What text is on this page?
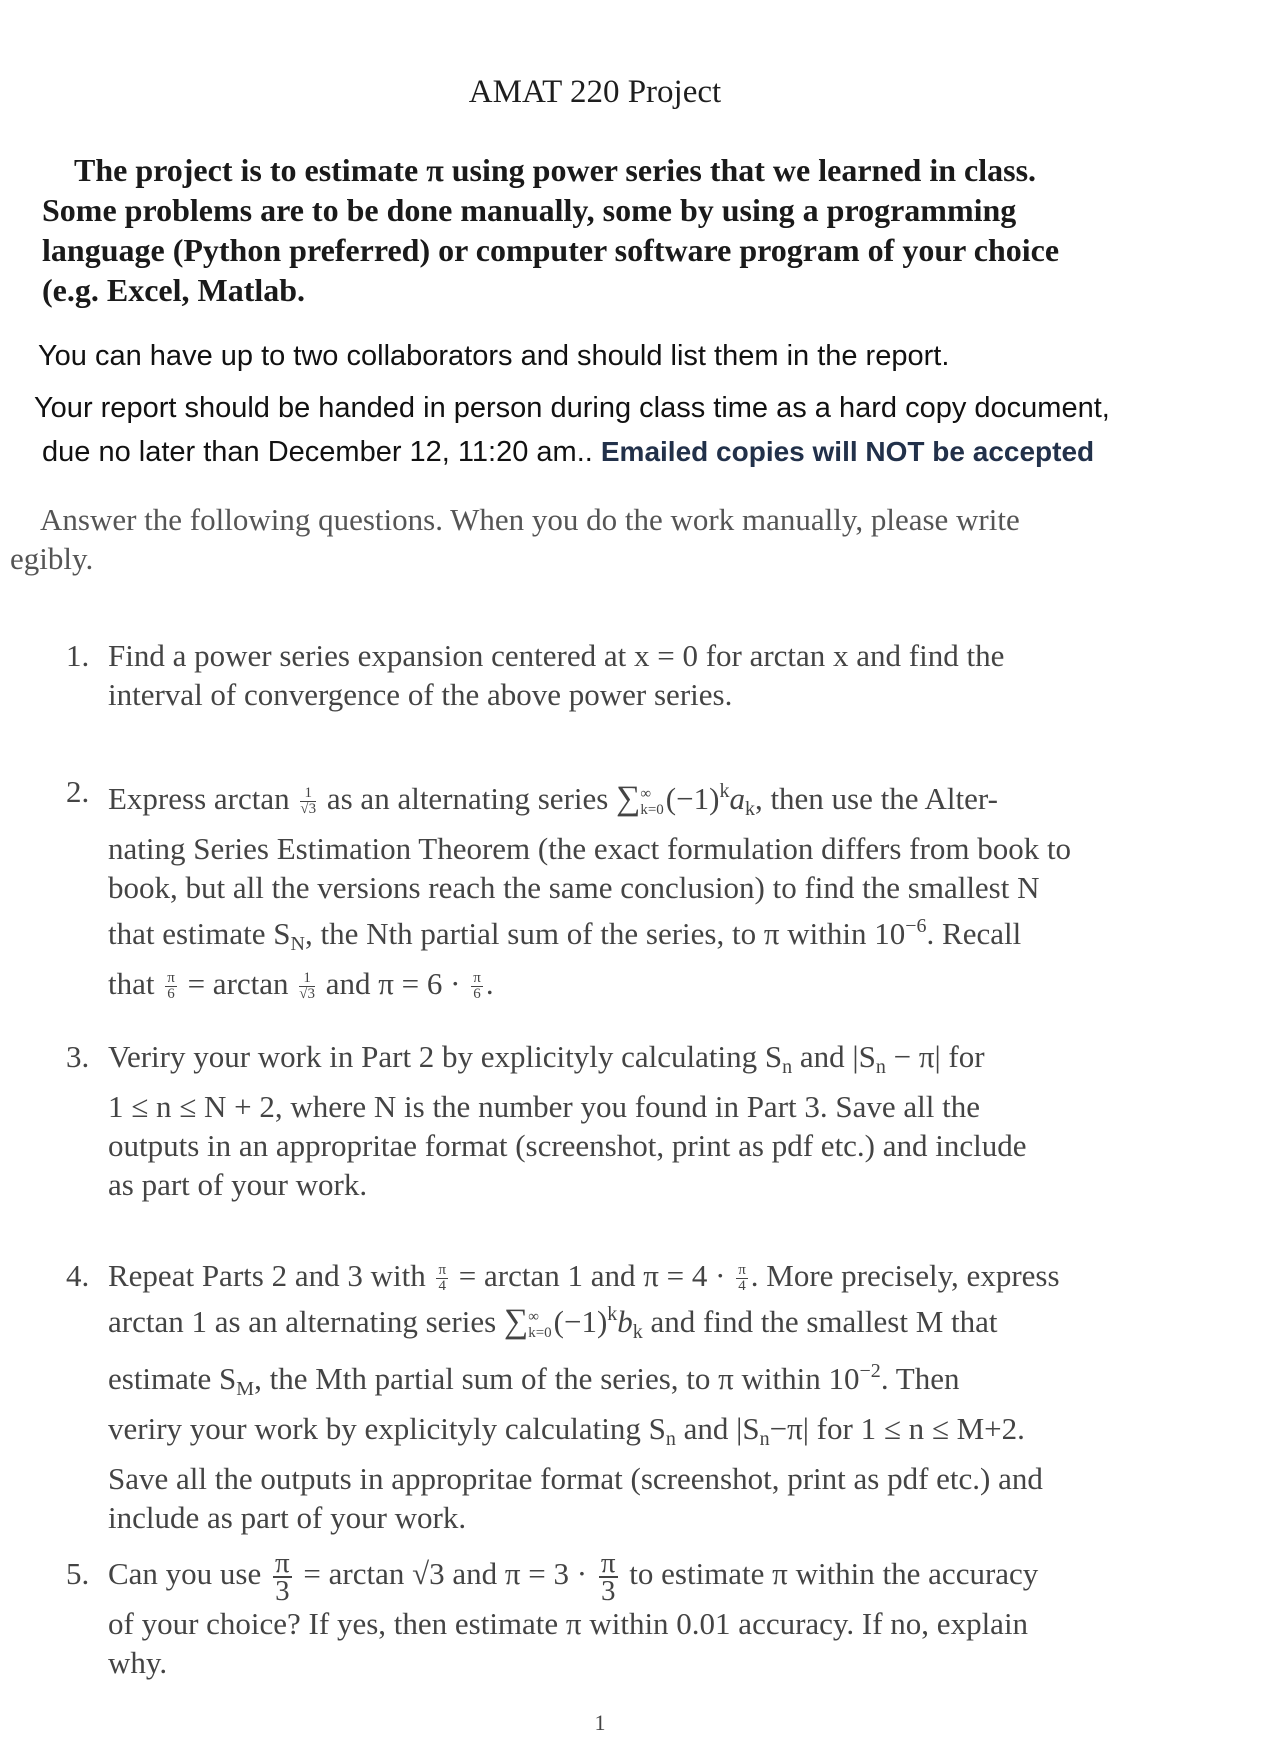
AMAT 220 Project
The project is to estimate π using power series that we learned in class.
Some problems are to be done manually, some by using a programming
language (Python preferred) or computer software program of your choice
(e.g. Excel, Matlab.
You can have up to two collaborators and should list them in the report.
Your report should be handed in person during class time as a hard copy document,
due no later than December 12, 11:20 am.. Emailed copies will NOT be accepted
Answer the following questions. When you do the work manually, please write
egibly.
1. Find a power series expansion centered at x = 0 for arctan x and find the
interval of convergence of the above power series.
2. Express $\arctan \frac{1}{√3}$ as an alternating series ∑ ∞
k=0 $(-1)^ka_k$, then use the Alter-
nating Series Estimation Theorem (the exact formulation differs from book to
book, but all the versions reach the same conclusion) to find the smallest N
that estimate $S_N$, the Nth partial sum of the series, to π within $10^{-6}$. Recall
that $\frac{\pi}{6} = \arctan \frac{1}{√3}$ and $\pi = 6 \cdot \frac{\pi}{6}$ .
3. Veriry your work in Part 2 by explicityly calculating $S_n$ and $|S_n - \pi|$ for
1 ≤ n ≤ N + 2, where N is the number you found in Part 3. Save all the
outputs in an appropritae format (screenshot, print as pdf etc.) and include
as part of your work.
4. Repeat Parts 2 and 3 with $\frac{\pi}{4} = \arctan 1$ and $\pi = 4 \cdot \frac{\pi}{4}$ . More precisely, express
arctan 1 as an alternating series ∑ ∞
k=0 $(-1)^kb_k$ and find the smallest M that
estimate $S_M$, the Mth partial sum of the series, to π within $10^{-2}$. Then
veriry your work by explicityly calculating $S_n$ and $|S_n-\pi|$ for 1 ≤ n ≤ M+2.
Save all the outputs in appropritae format (screenshot, print as pdf etc.) and
include as part of your work.
5. Can you use $\frac{\pi}{3} = \arctan √3$ and $\pi = 3 \cdot \frac{\pi}{3}$ to estimate π within the accuracy
of your choice? If yes, then estimate π within 0.01 accuracy. If no, explain
why.
1
